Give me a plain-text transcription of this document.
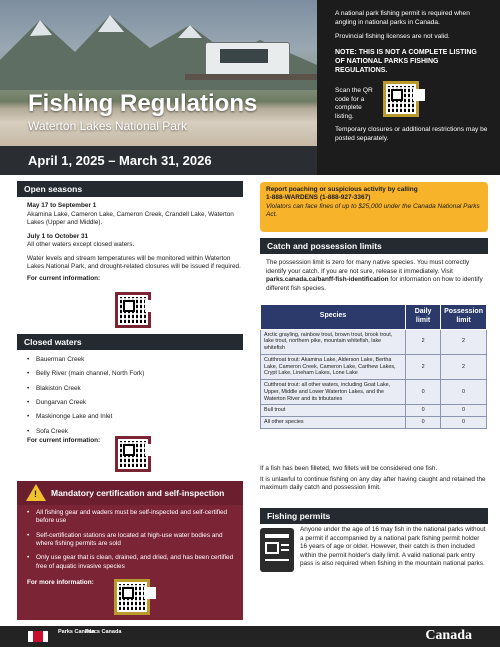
Fishing Regulations
Waterton Lakes National Park
April 1, 2025 – March 31, 2026

A national park fishing permit is required when angling in national parks in Canada.

Provincial fishing licenses are not valid.

NOTE: THIS IS NOT A COMPLETE LISTING OF NATIONAL PARKS FISHING REGULATIONS.

Scan the QR code for a complete listing.

Temporary closures or additional restrictions may be posted separately.

Open seasons
May 17 to September 1
Akamina Lake, Cameron Lake, Cameron Creek, Crandell Lake, Waterton Lakes (Upper and Middle).
July 1 to October 31
All other waters except closed waters.
Water levels and stream temperatures will be monitored within Waterton Lakes National Park, and drought-related closures will be issued if required.
For current information:
Closed waters
• Bauerman Creek
• Belly River (main channel, North Fork)
• Blakiston Creek
• Dungarvan Creek
• Maskinonge Lake and Inlet
• Sofa Creek
For current information:
! Mandatory certification and self-inspection
• All fishing gear and waders must be self-inspected and self-certified before use
• Self-certification stations are located at high-use water bodies and where fishing permits are sold
• Only use gear that is clean, drained, and dried, and has been certified free of aquatic invasive species
For more information:
Report poaching or suspicious activity by calling
1-888-WARDENS (1-888-927-3367)
Violators can face fines of up to $25,000 under the Canada National Parks Act.
Catch and possession limits
The possession limit is zero for many native species. You must correctly identify your catch. If you are not sure, release it immediately. Visit parks.canada.ca/banff-fish-identification for information on how to identify different fish species.
Species	Daily limit	Possession limit
Arctic grayling, rainbow trout, brown trout, brook trout, lake trout, northern pike, mountain whitefish, lake whitefish	2	2
Cutthroat trout: Akamina Lake, Alderson Lake, Bertha Lake, Cameron Creek, Cameron Lake, Carthew Lakes, Crypt Lake, Lineham Lakes, Lone Lake	2	2
Cutthroat trout: all other waters, including Goat Lake, Upper, Middle and Lower Waterton Lakes, and the Waterton River and its tributaries	0	0
Bull trout	0	0
All other species	0	0
If a fish has been filleted, two fillets will be considered one fish.
It is unlawful to continue fishing on any day after having caught and retained the maximum daily catch and possession limit.
Fishing permits
Anyone under the age of 16 may fish in the national parks without a permit if accompanied by a national park fishing permit holder 16 years of age or older. However, their catch is then included within the permit holder's daily limit. A valid national park entry pass is also required when fishing in the mountain national parks.
Parks Canada
Parcs Canada	Canada
